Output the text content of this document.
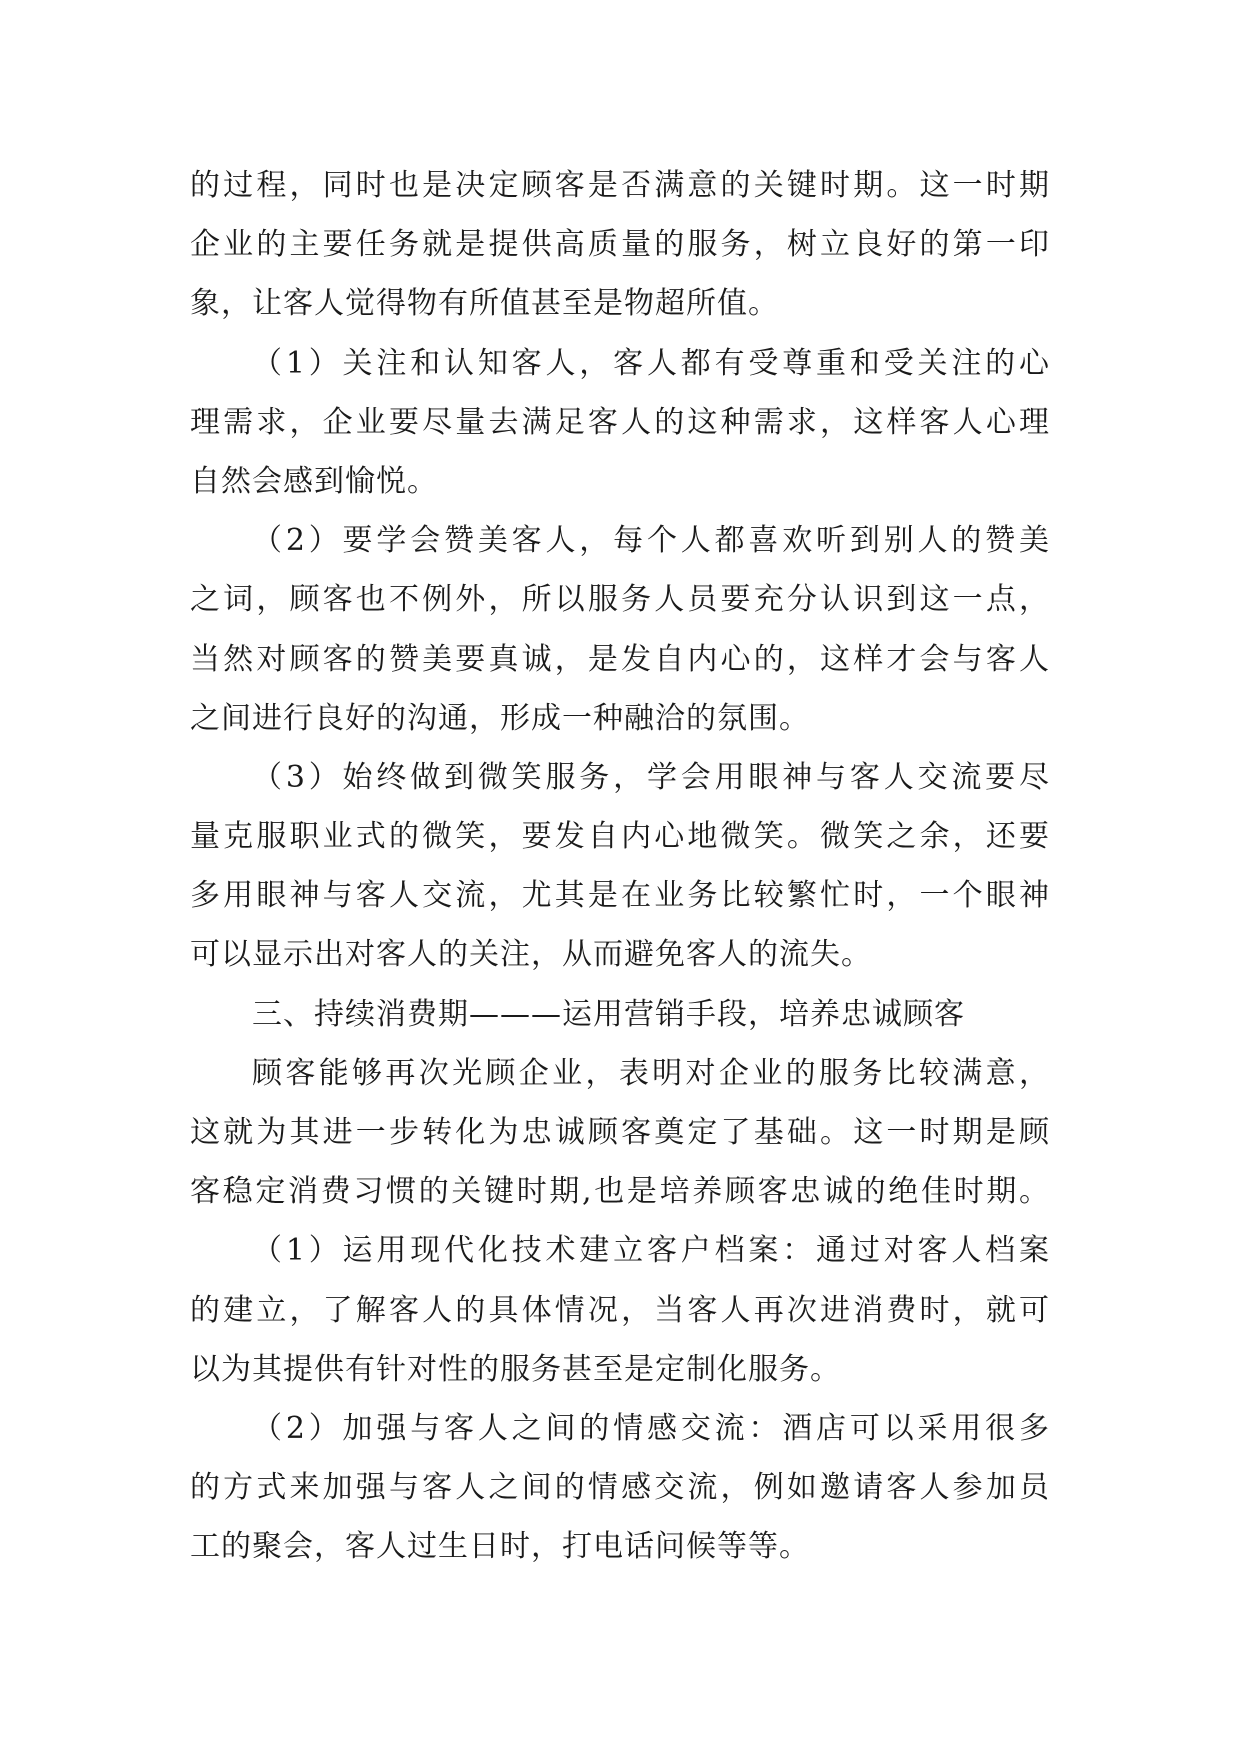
的过程，同时也是决定顾客是否满意的关键时期。这一时期
企业的主要任务就是提供高质量的服务，树立良好的第一印
象，让客人觉得物有所值甚至是物超所值。
（1）关注和认知客人，客人都有受尊重和受关注的心
理需求，企业要尽量去满足客人的这种需求，这样客人心理
自然会感到愉悦。
（2）要学会赞美客人，每个人都喜欢听到别人的赞美
之词，顾客也不例外，所以服务人员要充分认识到这一点，
当然对顾客的赞美要真诚，是发自内心的，这样才会与客人
之间进行良好的沟通，形成一种融洽的氛围。
（3）始终做到微笑服务，学会用眼神与客人交流要尽
量克服职业式的微笑，要发自内心地微笑。微笑之余，还要
多用眼神与客人交流，尤其是在业务比较繁忙时，一个眼神
可以显示出对客人的关注，从而避免客人的流失。
三、持续消费期———运用营销手段，培养忠诚顾客
顾客能够再次光顾企业，表明对企业的服务比较满意，
这就为其进一步转化为忠诚顾客奠定了基础。这一时期是顾
客稳定消费习惯的关键时期,也是培养顾客忠诚的绝佳时期。
（1）运用现代化技术建立客户档案：通过对客人档案
的建立，了解客人的具体情况，当客人再次进消费时，就可
以为其提供有针对性的服务甚至是定制化服务。
（2）加强与客人之间的情感交流：酒店可以采用很多
的方式来加强与客人之间的情感交流，例如邀请客人参加员
工的聚会，客人过生日时，打电话问候等等。
